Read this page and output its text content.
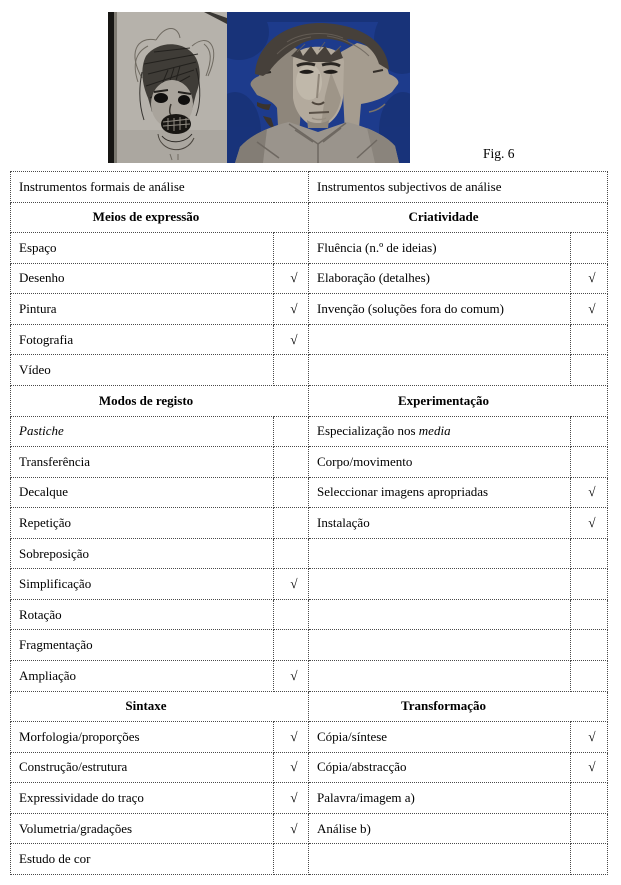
Fig. 6
Instrumentos formais de análise		Instrumentos subjectivos de análise	
Meios de expressão		Criatividade	
Espaço		Fluência (n.º de ideias)	
Desenho	√	Elaboração (detalhes)	√
Pintura	√	Invenção (soluções fora do comum)	√
Fotografia	√		
Vídeo			
Modos de registo		Experimentação	
Pastiche		Especialização nos media	
Transferência		Corpo/movimento	
Decalque		Seleccionar imagens apropriadas	√
Repetição		Instalação	√
Sobreposição			
Simplificação	√		
Rotação			
Fragmentação			
Ampliação	√		
Sintaxe		Transformação	
Morfologia/proporções	√	Cópia/síntese	√
Construção/estrutura	√	Cópia/abstracção	√
Expressividade do traço	√	Palavra/imagem a)	
Volumetria/gradações	√	Análise b)	
Estudo de cor			
